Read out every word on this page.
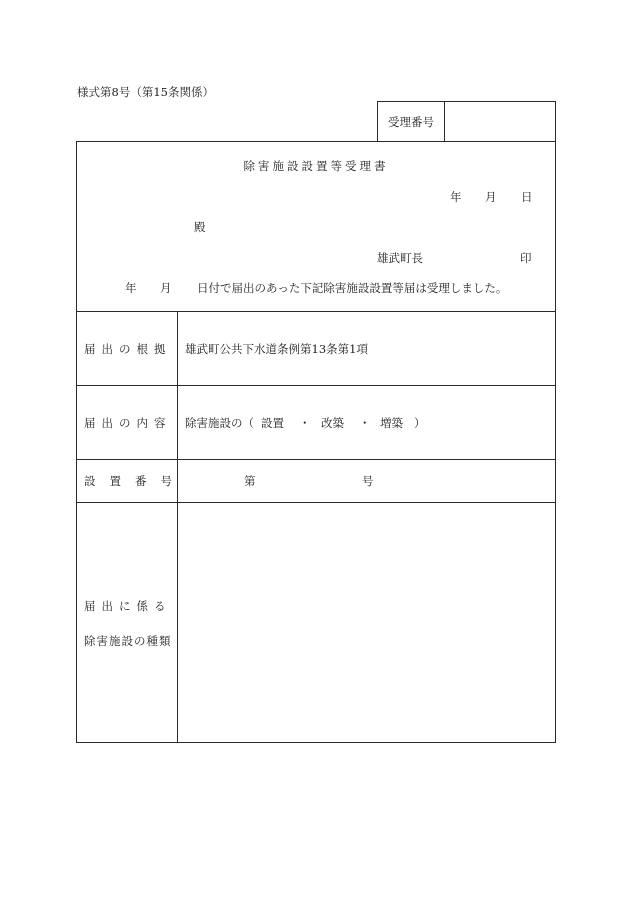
様式第8号（第15条関係）
受理番号
除害施設設置等受理書
年 月 日
殿
雄武町長	印
年 月 日付で届出のあった下記除害施設設置等届は受理しました。
届出の根拠 雄武町公共下水道条例第13条第1項
届出の内容 除害施設の（ 設置 ・ 改築 ・ 増築 ）
設置番号	第	号
届出に係る
除害施設の種類
